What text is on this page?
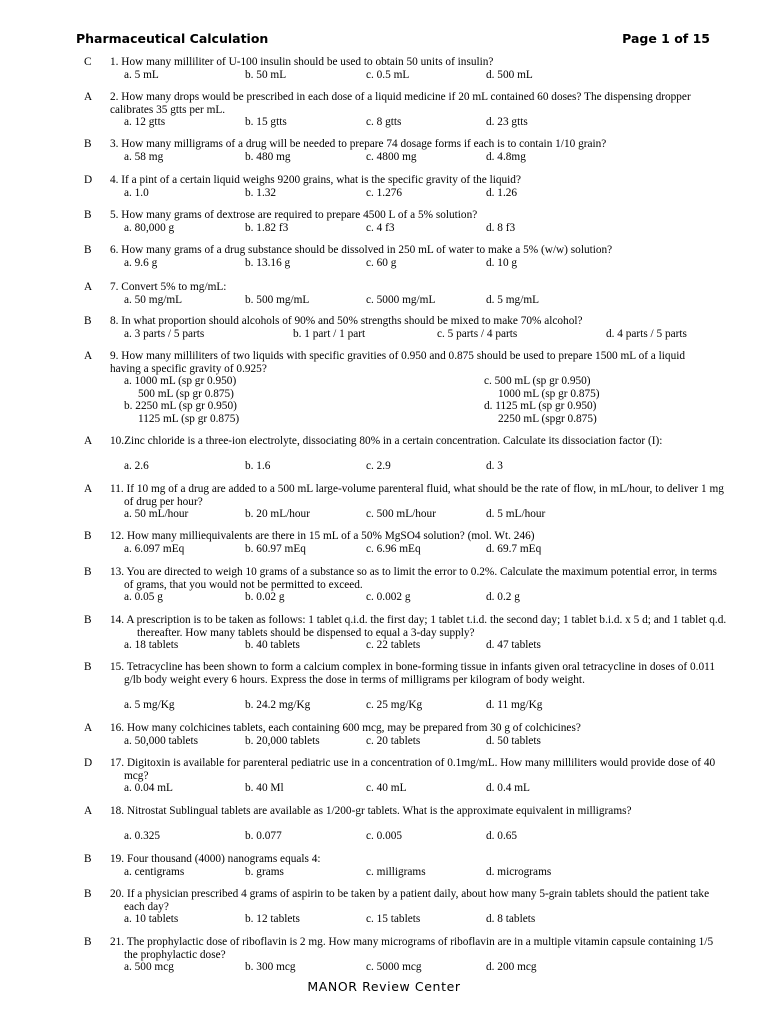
Pharmaceutical Calculation	Page 1 of 15
C 1. How many milliliter of U-100 insulin should be used to obtain 50 units of insulin?
a. 5 mL	b. 50 mL	c. 0.5 mL	d. 500 mL
A 2. How many drops would be prescribed in each dose of a liquid medicine if 20 mL contained 60 doses? The dispensing dropper calibrates 35 gtts per mL.
a. 12 gtts	b. 15 gtts	c. 8 gtts	d. 23 gtts
B 3. How many milligrams of a drug will be needed to prepare 74 dosage forms if each is to contain 1/10 grain?
a. 58 mg	b. 480 mg	c. 4800 mg	d. 4.8mg
D 4. If a pint of a certain liquid weighs 9200 grains, what is the specific gravity of the liquid?
a. 1.0	b. 1.32	c. 1.276	d. 1.26
B 5. How many grams of dextrose are required to prepare 4500 L of a 5% solution?
a. 80,000 g	b. 1.82 f3	c. 4 f3	d. 8 f3
B 6. How many grams of a drug substance should be dissolved in 250 mL of water to make a 5% (w/w) solution?
a. 9.6 g	b. 13.16 g	c. 60 g	d. 10 g
A 7. Convert 5% to mg/mL:
a. 50 mg/mL	b. 500 mg/mL	c. 5000 mg/mL	d. 5 mg/mL
B 8. In what proportion should alcohols of 90% and 50% strengths should be mixed to make 70% alcohol?
a. 3 parts / 5 parts	b. 1 part / 1 part	c. 5 parts / 4 parts	d. 4 parts / 5 parts
A 9. How many milliliters of two liquids with specific gravities of 0.950 and 0.875 should be used to prepare 1500 mL of a liquid having a specific gravity of 0.925?
a. 1000 mL (sp gr 0.950)
500 mL (sp gr 0.875)
b. 2250 mL (sp gr 0.950)
1125 mL (sp gr 0.875)
c. 500 mL (sp gr 0.950)
1000 mL (sp gr 0.875)
d. 1125 mL (sp gr 0.950)
2250 mL (spgr 0.875)
A 10.Zinc chloride is a three-ion electrolyte, dissociating 80% in a certain concentration. Calculate its dissociation factor (I):
a. 2.6	b. 1.6	c. 2.9	d. 3
A 11. If 10 mg of a drug are added to a 500 mL large-volume parenteral fluid, what should be the rate of flow, in mL/hour, to deliver 1 mg of drug per hour?
a. 50 mL/hour	b. 20 mL/hour	c. 500 mL/hour	d. 5 mL/hour
B 12. How many milliequivalents are there in 15 mL of a 50% MgSO4 solution? (mol. Wt. 246)
a. 6.097 mEq	b. 60.97 mEq	c. 6.96 mEq	d. 69.7 mEq
B 13. You are directed to weigh 10 grams of a substance so as to limit the error to 0.2%. Calculate the maximum potential error, in terms of grams, that you would not be permitted to exceed.
a. 0.05 g	b. 0.02 g	c. 0.002 g	d. 0.2 g
B 14. A prescription is to be taken as follows: 1 tablet q.i.d. the first day; 1 tablet t.i.d. the second day; 1 tablet b.i.d. x 5 d; and 1 tablet q.d. thereafter. How many tablets should be dispensed to equal a 3-day supply?
a. 18 tablets	b. 40 tablets	c. 22 tablets	d. 47 tablets
B 15. Tetracycline has been shown to form a calcium complex in bone-forming tissue in infants given oral tetracycline in doses of 0.011 g/lb body weight every 6 hours. Express the dose in terms of milligrams per kilogram of body weight.
a. 5 mg/Kg	b. 24.2 mg/Kg	c. 25 mg/Kg	d. 11 mg/Kg
A 16. How many colchicines tablets, each containing 600 mcg, may be prepared from 30 g of colchicines?
a. 50,000 tablets	b. 20,000 tablets	c. 20 tablets	d. 50 tablets
D 17. Digitoxin is available for parenteral pediatric use in a concentration of 0.1mg/mL. How many milliliters would provide dose of 40 mcg?
a. 0.04 mL	b. 40 Ml	c. 40 mL	d. 0.4 mL
A 18. Nitrostat Sublingual tablets are available as 1/200-gr tablets. What is the approximate equivalent in milligrams?
a. 0.325	b. 0.077	c. 0.005	d. 0.65
B 19. Four thousand (4000) nanograms equals 4:
a. centigrams	b. grams	c. milligrams	d. micrograms
B 20. If a physician prescribed 4 grams of aspirin to be taken by a patient daily, about how many 5-grain tablets should the patient take each day?
a. 10 tablets	b. 12 tablets	c. 15 tablets	d. 8 tablets
B 21. The prophylactic dose of riboflavin is 2 mg. How many micrograms of riboflavin are in a multiple vitamin capsule containing 1/5 the prophylactic dose?
a. 500 mcg	b. 300 mcg	c. 5000 mcg	d. 200 mcg
MANOR Review Center
